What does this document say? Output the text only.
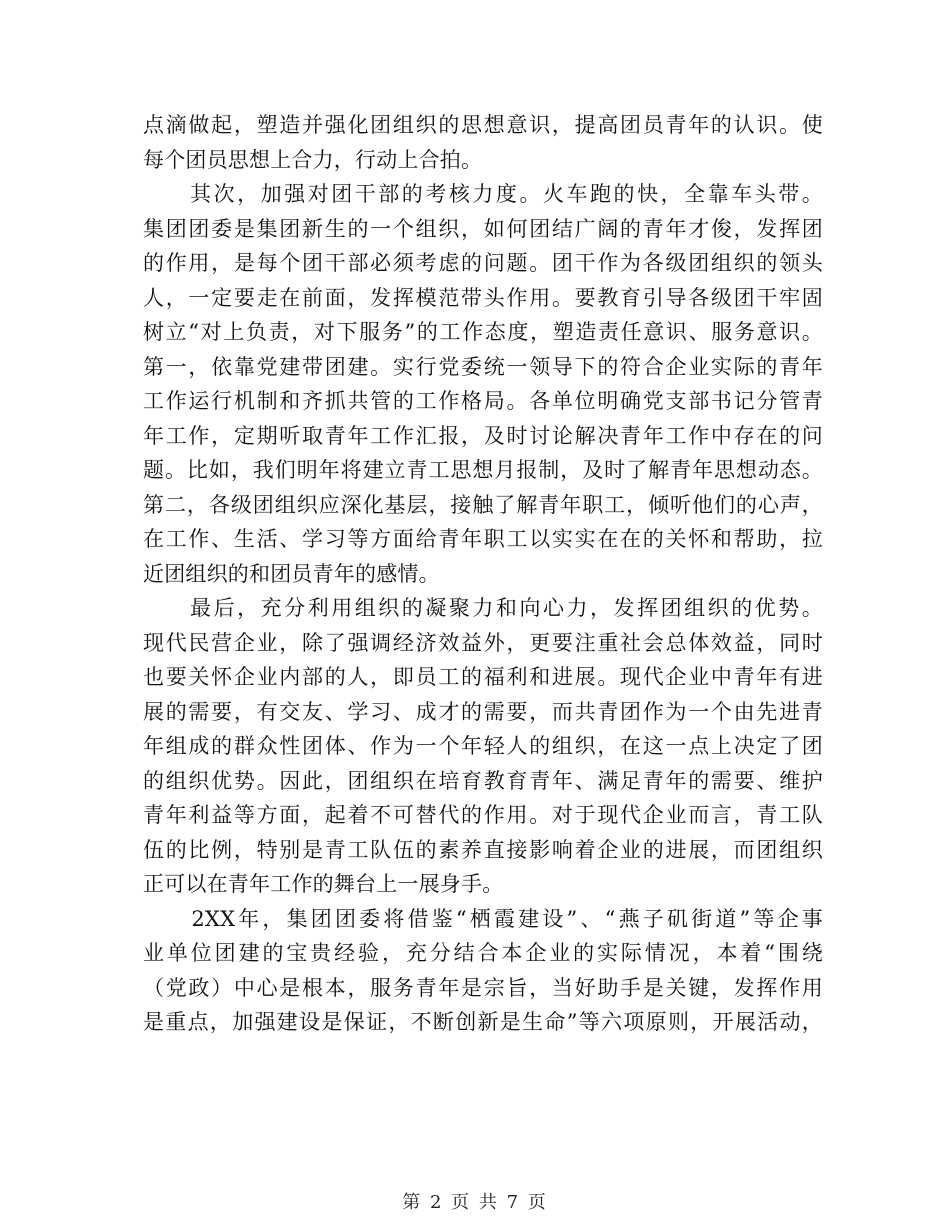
点滴做起，塑造并强化团组织的思想意识，提高团员青年的认识。使
每个团员思想上合力，行动上合拍。
　　其次，加强对团干部的考核力度。火车跑的快，全靠车头带。
集团团委是集团新生的一个组织，如何团结广阔的青年才俊，发挥团
的作用，是每个团干部必须考虑的问题。团干作为各级团组织的领头
人，一定要走在前面，发挥模范带头作用。要教育引导各级团干牢固
树立“对上负责，对下服务”的工作态度，塑造责任意识、服务意识。
第一，依靠党建带团建。实行党委统一领导下的符合企业实际的青年
工作运行机制和齐抓共管的工作格局。各单位明确党支部书记分管青
年工作，定期听取青年工作汇报，及时讨论解决青年工作中存在的问
题。比如，我们明年将建立青工思想月报制，及时了解青年思想动态。
第二，各级团组织应深化基层，接触了解青年职工，倾听他们的心声，
在工作、生活、学习等方面给青年职工以实实在在的关怀和帮助，拉
近团组织的和团员青年的感情。
　　最后，充分利用组织的凝聚力和向心力，发挥团组织的优势。
现代民营企业，除了强调经济效益外，更要注重社会总体效益，同时
也要关怀企业内部的人，即员工的福利和进展。现代企业中青年有进
展的需要，有交友、学习、成才的需要，而共青团作为一个由先进青
年组成的群众性团体、作为一个年轻人的组织，在这一点上决定了团
的组织优势。因此，团组织在培育教育青年、满足青年的需要、维护
青年利益等方面，起着不可替代的作用。对于现代企业而言，青工队
伍的比例，特别是青工队伍的素养直接影响着企业的进展，而团组织
正可以在青年工作的舞台上一展身手。
　　2XX年，集团团委将借鉴“栖霞建设”、“燕子矶街道”等企事
业单位团建的宝贵经验，充分结合本企业的实际情况，本着“围绕
（党政）中心是根本，服务青年是宗旨，当好助手是关键，发挥作用
是重点，加强建设是保证，不断创新是生命”等六项原则，开展活动，
第 2 页 共 7 页
